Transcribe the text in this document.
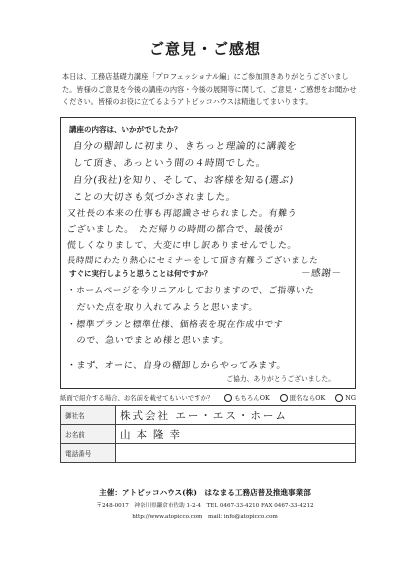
ご意見・ご感想
本日は、工務店基礎力講座「プロフェッショナル編」にご参加頂きありがとうございました。皆様のご意見を今後の講座の内容・今後の展開等に関して、ご意見・ご感想をお聞かせください。皆様のお役に立てるようアトピッコハウスは精進してまいります。
講座の内容は、いかがでしたか？
自分の棚卸しに初まり、きちっと理論的に講義を
して頂き、あっという間の４時間でした。
自分(我社)を知り、そして、お客様を知る(選ぶ)
ことの大切さも気づかされました。
又社長の本来の仕事も再認識させられました。有難う
ございました。　ただ帰りの時間の都合で、最後が
慌しくなりまして、大変に申し訳ありませんでした。
長時間にわたり熱心にセミナーをして頂き有難うございました
－感謝－
すぐに実行しようと思うことは何ですか？
・ホームページを今リニアルしておりますので、ご指導いた
　だいた点を取り入れてみようと思います。
・標準プランと標準仕様、価格表を現在作成中です
　ので、急いでまとめ様と思います。
・まず、オーに、自身の棚卸しからやってみます。
ご協力、ありがとうございました。
紙面で紹介する場合、お名前を載せてもいいですか？	もちろんOK	匿名ならOK	NG
御社名	株式会社 エー・エス・ホーム
お名前	山本隆幸
電話番号	
主催：アトピッコハウス(株)　はなまる工務店普及推進事業部
〒248-0017　神奈川県鎌倉市佐助 1-2-4　TEL 0467-33-4210 FAX 0467-33-4212
http://www.atopicco.com　mail: info@atopicco.com
